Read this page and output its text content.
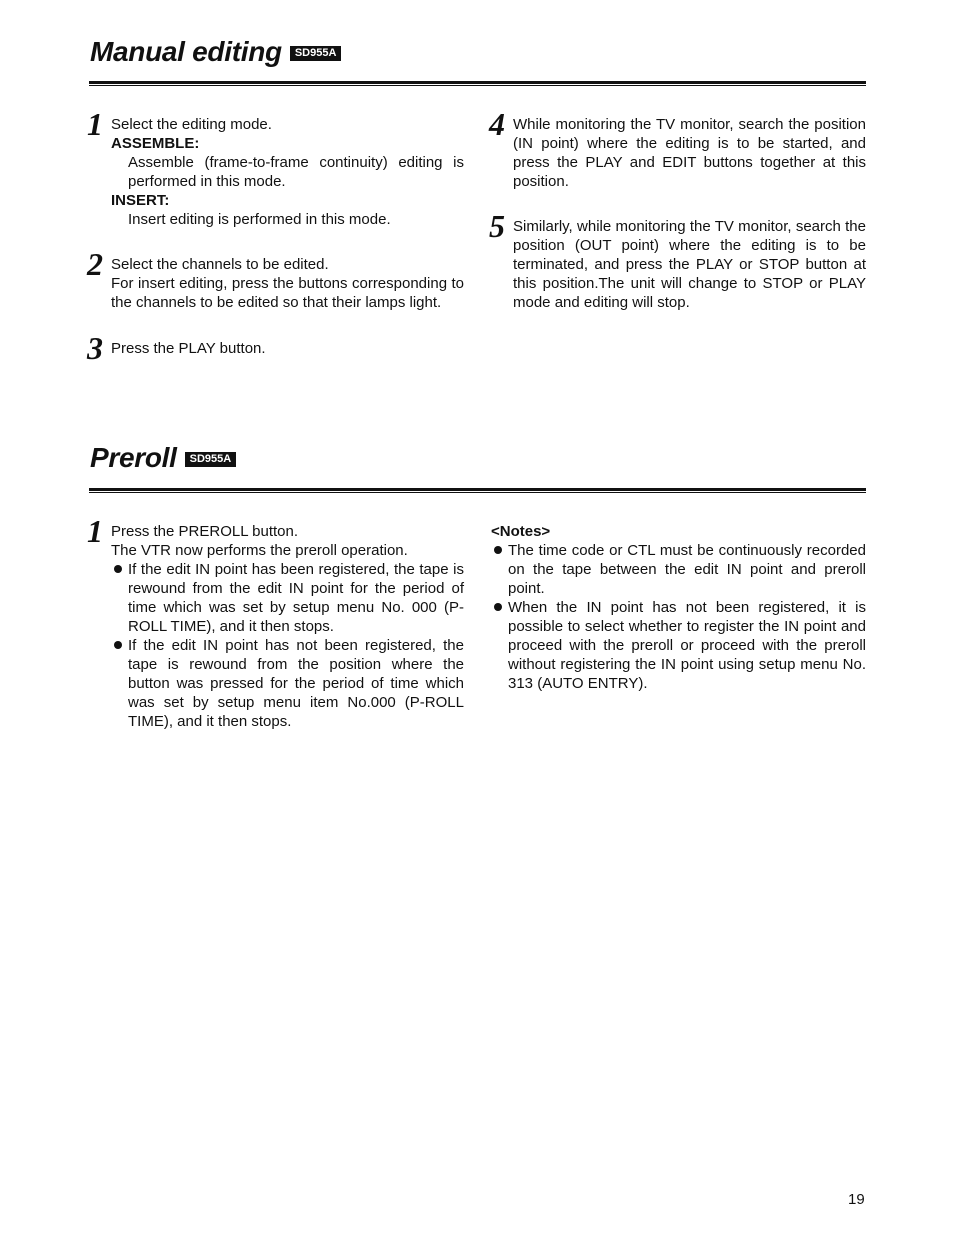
Manual editing	SD955A
1 Select the editing mode.

ASSEMBLE:

Assemble (frame-to-frame continuity) editing is performed in this mode.

INSERT:

Insert editing is performed in this mode.

2 Select the channels to be edited.

For insert editing, press the buttons corresponding to the channels to be edited so that their lamps light.

3 Press the PLAY button.

4 While monitoring the TV monitor, search the position (IN point) where the editing is to be started, and press the PLAY and EDIT buttons together at this position.

5 Similarly, while monitoring the TV monitor, search the position (OUT point) where the editing is to be terminated, and press the PLAY or STOP button at this position.The unit will change to STOP or PLAY mode and editing will stop.

Preroll	SD955A
1 Press the PREROLL button.

The VTR now performs the preroll operation.

If the edit IN point has been registered, the tape is rewound from the edit IN point for the period of time which was set by setup menu No. 000 (P-ROLL TIME), and it then stops.
If the edit IN point has not been registered, the tape is rewound from the position where the button was pressed for the period of time which was set by setup menu item No.000 (P-ROLL TIME), and it then stops.

<Notes>

The time code or CTL must be continuously recorded on the tape between the edit IN point and preroll point.
When the IN point has not been registered, it is possible to select whether to register the IN point and proceed with the preroll or proceed with the preroll without registering the IN point using setup menu No. 313 (AUTO ENTRY).
19
